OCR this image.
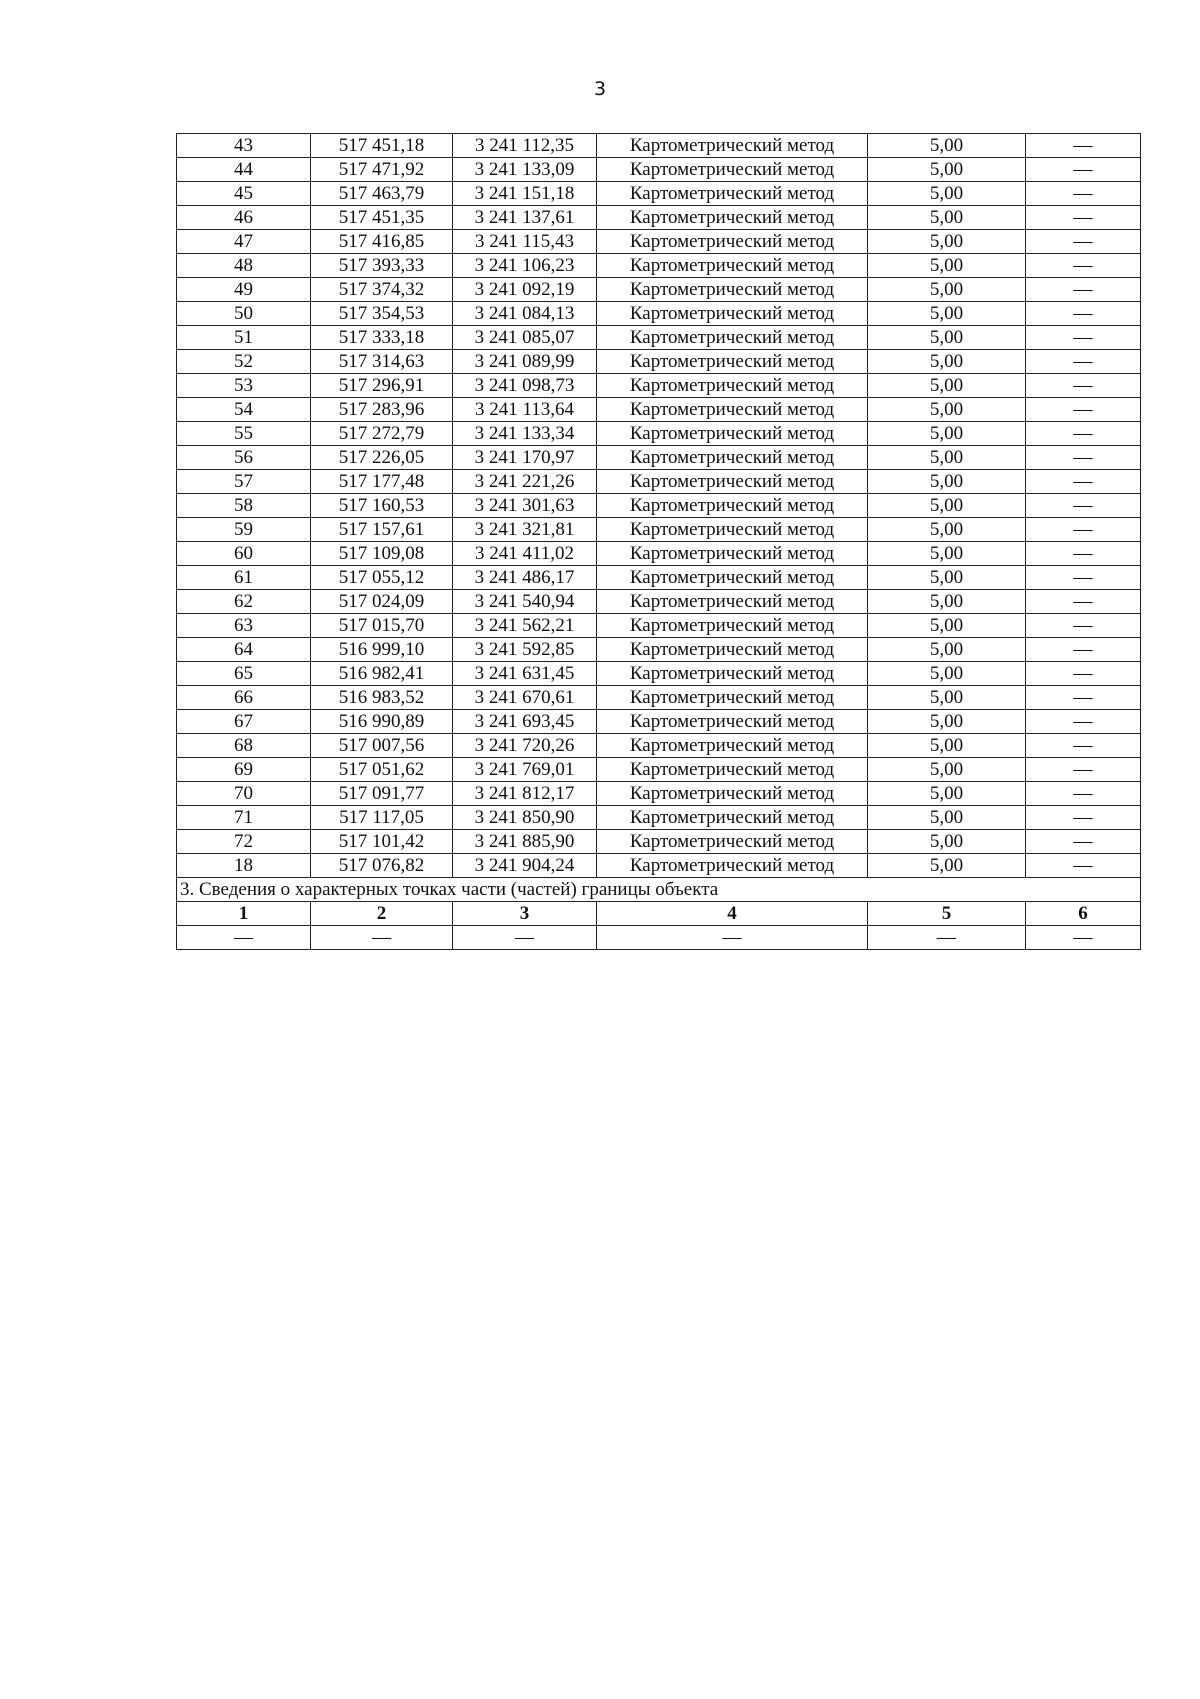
3
43	517 451,18	3 241 112,35	Картометрический метод	5,00	—
44	517 471,92	3 241 133,09	Картометрический метод	5,00	—
45	517 463,79	3 241 151,18	Картометрический метод	5,00	—
46	517 451,35	3 241 137,61	Картометрический метод	5,00	—
47	517 416,85	3 241 115,43	Картометрический метод	5,00	—
48	517 393,33	3 241 106,23	Картометрический метод	5,00	—
49	517 374,32	3 241 092,19	Картометрический метод	5,00	—
50	517 354,53	3 241 084,13	Картометрический метод	5,00	—
51	517 333,18	3 241 085,07	Картометрический метод	5,00	—
52	517 314,63	3 241 089,99	Картометрический метод	5,00	—
53	517 296,91	3 241 098,73	Картометрический метод	5,00	—
54	517 283,96	3 241 113,64	Картометрический метод	5,00	—
55	517 272,79	3 241 133,34	Картометрический метод	5,00	—
56	517 226,05	3 241 170,97	Картометрический метод	5,00	—
57	517 177,48	3 241 221,26	Картометрический метод	5,00	—
58	517 160,53	3 241 301,63	Картометрический метод	5,00	—
59	517 157,61	3 241 321,81	Картометрический метод	5,00	—
60	517 109,08	3 241 411,02	Картометрический метод	5,00	—
61	517 055,12	3 241 486,17	Картометрический метод	5,00	—
62	517 024,09	3 241 540,94	Картометрический метод	5,00	—
63	517 015,70	3 241 562,21	Картометрический метод	5,00	—
64	516 999,10	3 241 592,85	Картометрический метод	5,00	—
65	516 982,41	3 241 631,45	Картометрический метод	5,00	—
66	516 983,52	3 241 670,61	Картометрический метод	5,00	—
67	516 990,89	3 241 693,45	Картометрический метод	5,00	—
68	517 007,56	3 241 720,26	Картометрический метод	5,00	—
69	517 051,62	3 241 769,01	Картометрический метод	5,00	—
70	517 091,77	3 241 812,17	Картометрический метод	5,00	—
71	517 117,05	3 241 850,90	Картометрический метод	5,00	—
72	517 101,42	3 241 885,90	Картометрический метод	5,00	—
18	517 076,82	3 241 904,24	Картометрический метод	5,00	—
3. Сведения о характерных точках части (частей) границы объекта					
1	2	3	4	5	6
—	—	—	—	—	—
